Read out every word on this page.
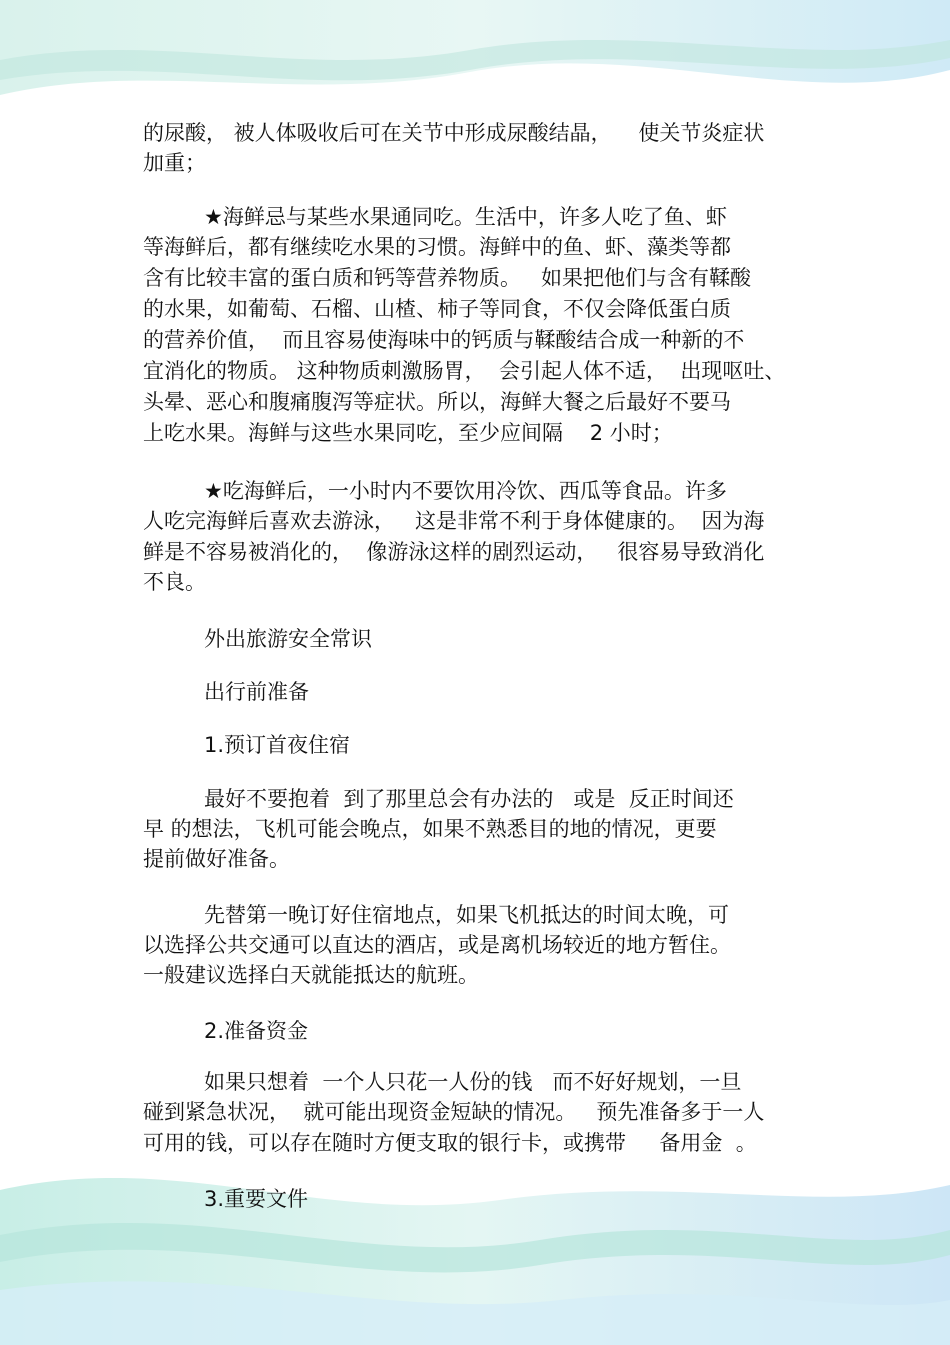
的尿酸， 被人体吸收后可在关节中形成尿酸结晶，    使关节炎症状
加重；
★海鲜忌与某些水果通同吃。生活中，许多人吃了鱼、虾
等海鲜后，都有继续吃水果的习惯。海鲜中的鱼、虾、藻类等都
含有比较丰富的蛋白质和钙等营养物质。   如果把他们与含有鞣酸
的水果，如葡萄、石榴、山楂、柿子等同食，不仅会降低蛋白质
的营养价值，  而且容易使海味中的钙质与鞣酸结合成一种新的不
宜消化的物质。 这种物质刺激肠胃，  会引起人体不适，  出现呕吐、
头晕、恶心和腹痛腹泻等症状。所以，海鲜大餐之后最好不要马
上吃水果。海鲜与这些水果同吃，至少应间隔    2 小时；
★吃海鲜后，一小时内不要饮用冷饮、西瓜等食品。许多
人吃完海鲜后喜欢去游泳，   这是非常不利于身体健康的。  因为海
鲜是不容易被消化的，  像游泳这样的剧烈运动，   很容易导致消化
不良。
外出旅游安全常识
出行前准备
1.预订首夜住宿
最好不要抱着  到了那里总会有办法的   或是  反正时间还
早 的想法，飞机可能会晚点，如果不熟悉目的地的情况，更要
提前做好准备。
先替第一晚订好住宿地点，如果飞机抵达的时间太晚，可
以选择公共交通可以直达的酒店，或是离机场较近的地方暂住。
一般建议选择白天就能抵达的航班。
2.准备资金
如果只想着  一个人只花一人份的钱   而不好好规划，一旦
碰到紧急状况，  就可能出现资金短缺的情况。   预先准备多于一人
可用的钱，可以存在随时方便支取的银行卡，或携带     备用金  。
3.重要文件
